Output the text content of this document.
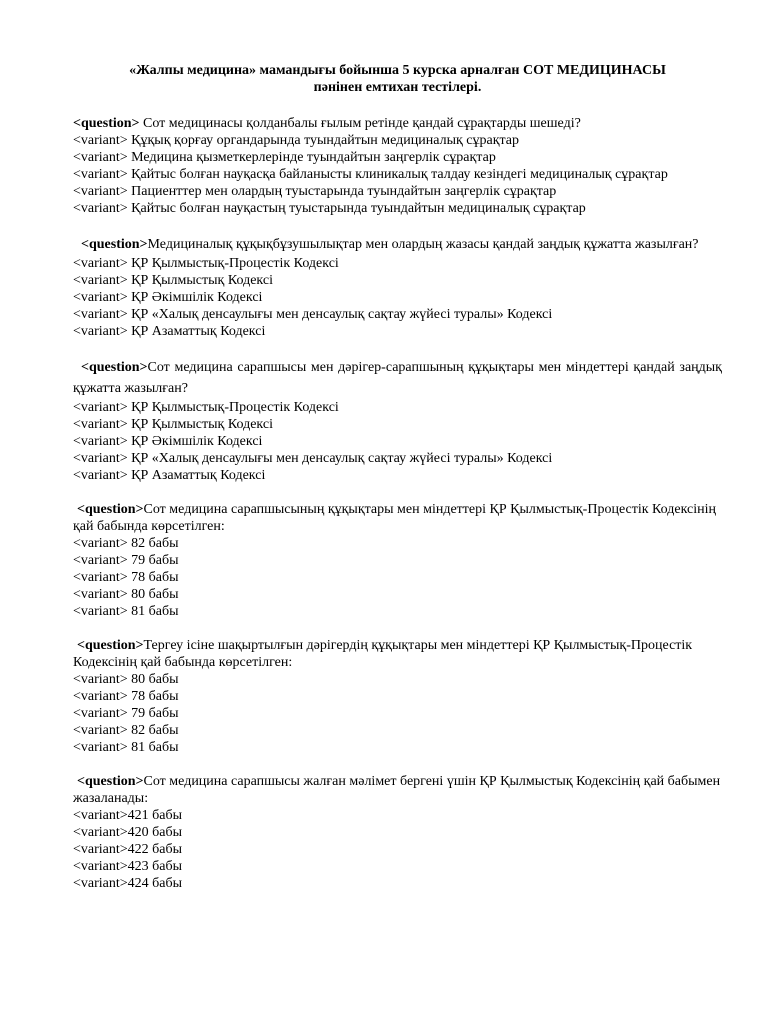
«Жалпы медицина» мамандығы бойынша 5 курска арналған СОТ МЕДИЦИНАСЫ
пәнінен емтихан тестілері.

<question> Сот медицинасы қолданбалы ғылым ретінде қандай сұрақтарды шешеді?

<variant> Құқық қорғау органдарында туындайтын медициналық сұрақтар

<variant> Медицина қызметкерлерінде туындайтын заңгерлік сұрақтар

<variant> Қайтыс болған науқасқа байланысты клиникалық талдау кезіндегі медициналық сұрақтар

<variant> Пациенттер мен олардың туыстарында туындайтын заңгерлік сұрақтар

<variant> Қайтыс болған науқастың туыстарында туындайтын медициналық сұрақтар

<question>Медициналық құқықбұзушылықтар мен олардың жазасы қандай заңдық құжатта жазылған?

<variant> ҚР Қылмыстық-Процестік Кодексі

<variant> ҚР Қылмыстық Кодексі

<variant> ҚР Әкімшілік Кодексі

<variant> ҚР «Халық денсаулығы мен денсаулық сақтау жүйесі туралы» Кодексі

<variant> ҚР Азаматтық Кодексі

<question>Сот медицина сарапшысы мен дәрігер-сарапшының құқықтары мен міндеттері қандай заңдық құжатта жазылған?

<variant> ҚР Қылмыстық-Процестік Кодексі

<variant> ҚР Қылмыстық Кодексі

<variant> ҚР Әкімшілік Кодексі

<variant> ҚР «Халық денсаулығы мен денсаулық сақтау жүйесі туралы» Кодексі

<variant> ҚР Азаматтық Кодексі

<question>Сот медицина сарапшысының құқықтары мен міндеттері ҚР Қылмыстық-Процестік Кодексінің қай бабында көрсетілген:

<variant> 82 бабы

<variant> 79 бабы

<variant> 78 бабы

<variant> 80 бабы

<variant> 81 бабы

<question>Тергеу ісіне шақыртылғын дәрігердің құқықтары мен міндеттері ҚР Қылмыстық-Процестік Кодексінің қай бабында көрсетілген:

<variant> 80 бабы

<variant> 78 бабы

<variant> 79 бабы

<variant> 82 бабы

<variant> 81 бабы

<question>Сот медицина сарапшысы жалған мәлімет бергені үшін ҚР Қылмыстық Кодексінің қай бабымен жазаланады:

<variant>421 бабы

<variant>420 бабы

<variant>422 бабы

<variant>423 бабы

<variant>424 бабы
